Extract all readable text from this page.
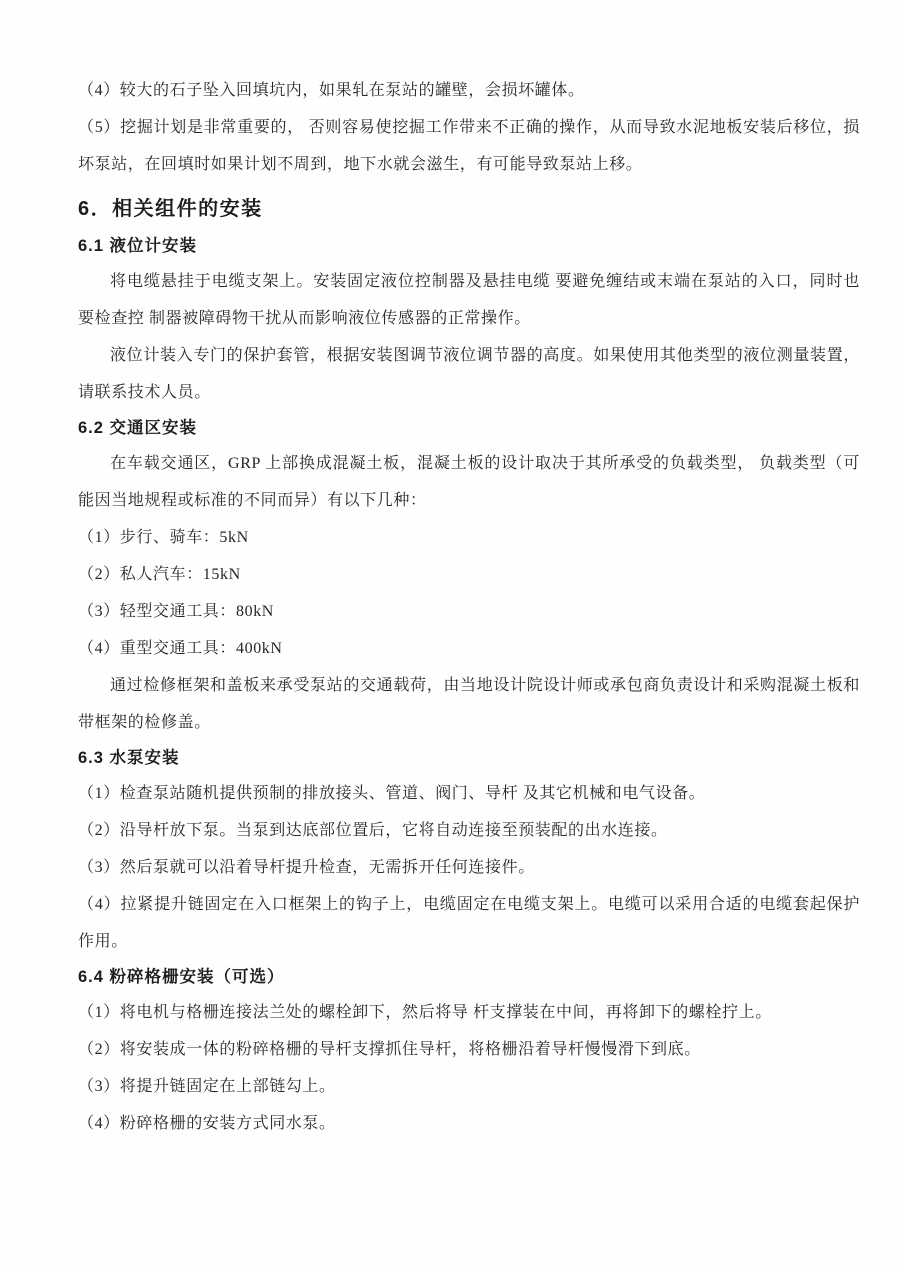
（4）较大的石子坠入回填坑内，如果轧在泵站的罐壁，会损坏罐体。
（5）挖掘计划是非常重要的， 否则容易使挖掘工作带来不正确的操作，从而导致水泥地板安装后移位，损坏泵站，在回填时如果计划不周到，地下水就会滋生，有可能导致泵站上移。
6．相关组件的安装
6.1 液位计安装
将电缆悬挂于电缆支架上。安装固定液位控制器及悬挂电缆 要避免缠结或末端在泵站的入口，同时也要检查控 制器被障碍物干扰从而影响液位传感器的正常操作。
液位计装入专门的保护套管，根据安装图调节液位调节器的高度。如果使用其他类型的液位测量装置，请联系技术人员。
6.2 交通区安装
在车载交通区，GRP 上部换成混凝土板，混凝土板的设计取决于其所承受的负载类型， 负载类型（可能因当地规程或标准的不同而异）有以下几种：
（1）步行、骑车：5kN
（2）私人汽车：15kN
（3）轻型交通工具：80kN
（4）重型交通工具：400kN
通过检修框架和盖板来承受泵站的交通载荷，由当地设计院设计师或承包商负责设计和采购混凝土板和带框架的检修盖。
6.3 水泵安装
（1）检查泵站随机提供预制的排放接头、管道、阀门、导杆 及其它机械和电气设备。
（2）沿导杆放下泵。当泵到达底部位置后，它将自动连接至预装配的出水连接。
（3）然后泵就可以沿着导杆提升检查，无需拆开任何连接件。
（4）拉紧提升链固定在入口框架上的钩子上，电缆固定在电缆支架上。电缆可以采用合适的电缆套起保护作用。
6.4 粉碎格栅安装（可选）
（1）将电机与格栅连接法兰处的螺栓卸下，然后将导 杆支撑装在中间，再将卸下的螺栓拧上。
（2）将安装成一体的粉碎格栅的导杆支撑抓住导杆，将格栅沿着导杆慢慢滑下到底。
（3）将提升链固定在上部链勾上。
（4）粉碎格栅的安装方式同水泵。
